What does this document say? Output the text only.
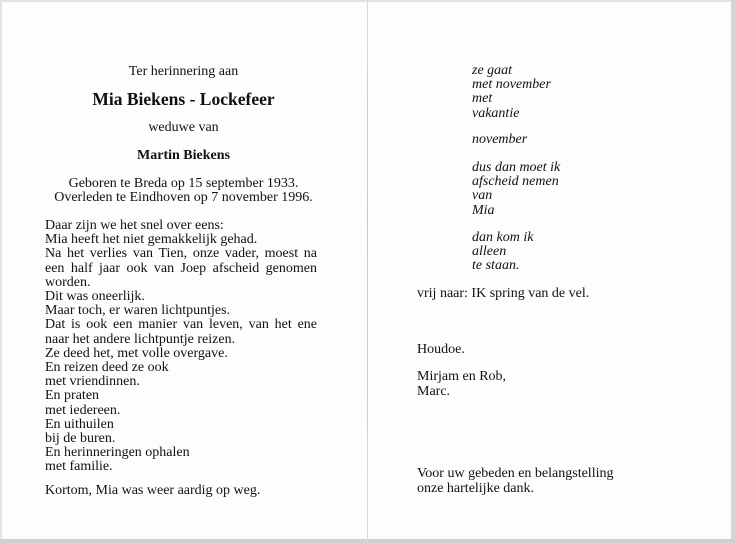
Ter herinnering aan
Mia Biekens - Lockefeer
weduwe van
Martin Biekens
Geboren te Breda op 15 september 1933.
Overleden te Eindhoven op 7 november 1996.
Daar zijn we het snel over eens:
Mia heeft het niet gemakkelijk gehad.
Na het verlies van Tien, onze vader, moest na een half jaar ook van Joep afscheid genomen worden.
Dit was oneerlijk.
Maar toch, er waren lichtpuntjes.
Dat is ook een manier van leven, van het ene naar het andere lichtpuntje reizen.
Ze deed het, met volle overgave.
En reizen deed ze ook
met vriendinnen.
En praten
met iedereen.
En uithuilen
bij de buren.
En herinneringen ophalen
met familie.
Kortom, Mia was weer aardig op weg.
ze gaat
met november
met
vakantie
november
dus dan moet ik
afscheid nemen
van
Mia
dan kom ik
alleen
te staan.
vrij naar: IK spring van de vel.
Houdoe.
Mirjam en Rob,
Marc.
Voor uw gebeden en belangstelling
onze hartelijke dank.
